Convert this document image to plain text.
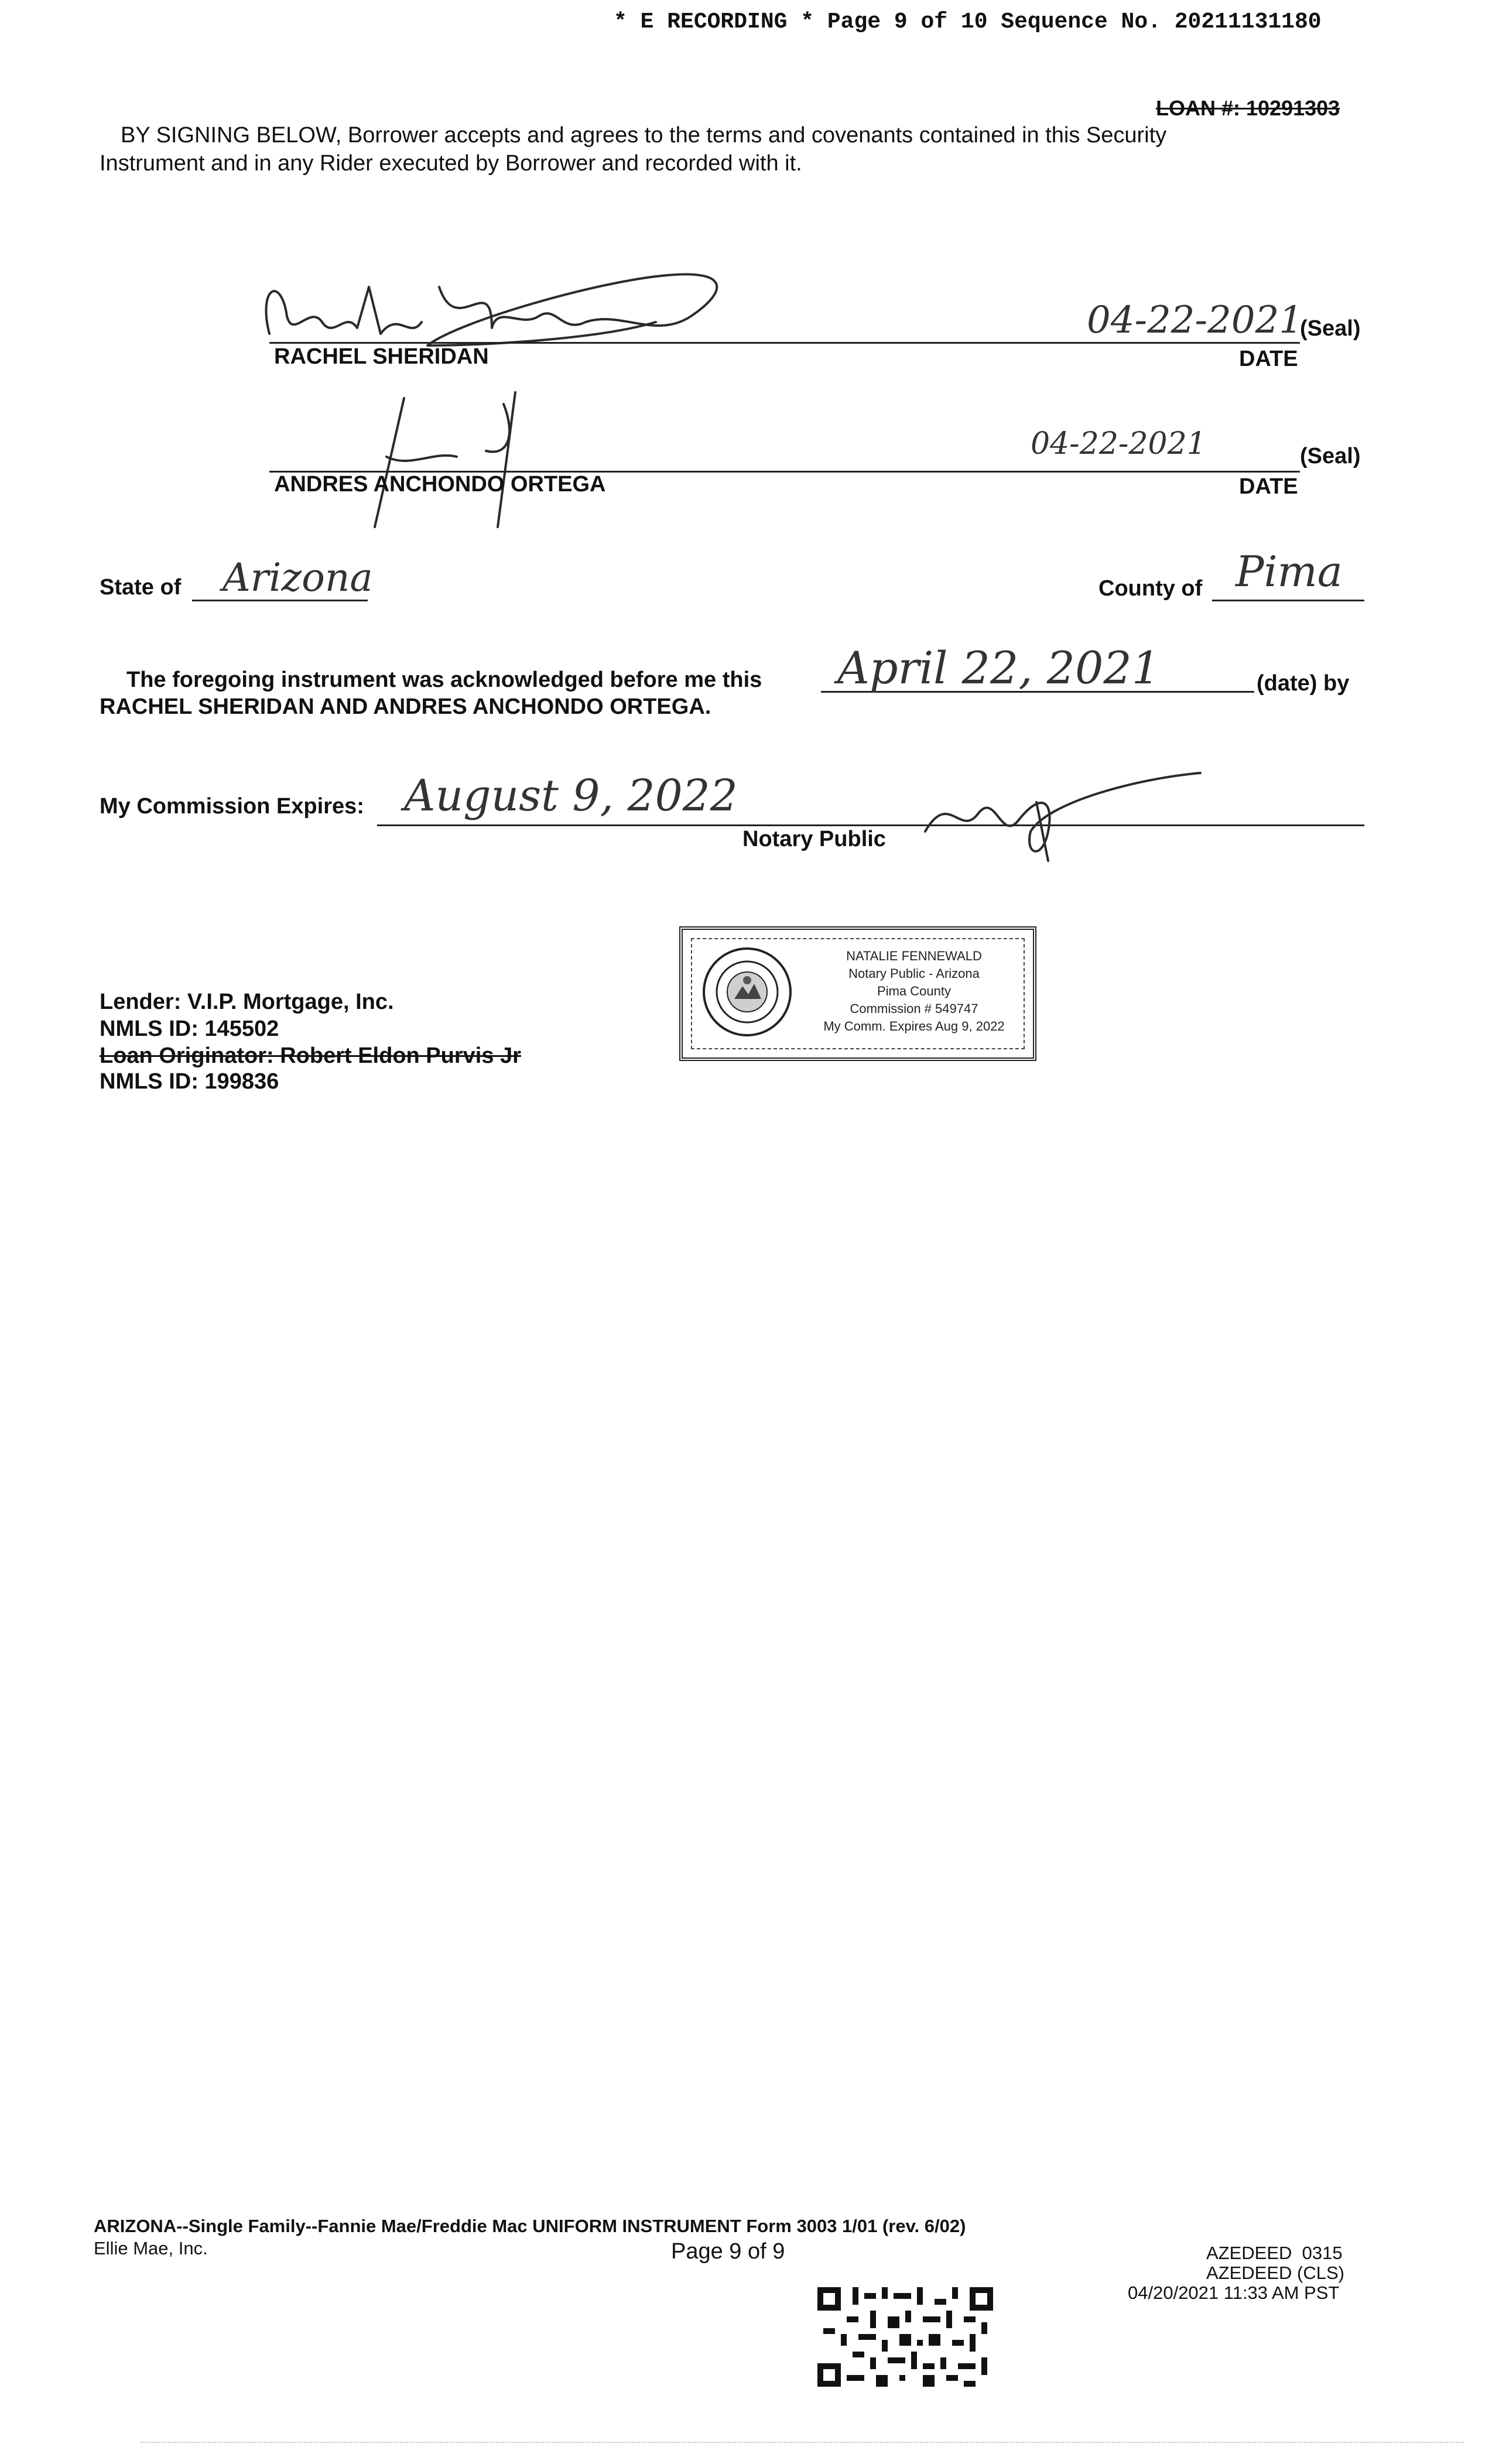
* E RECORDING * Page 9 of 10 Sequence No. 20211131180
LOAN #: 10291303
BY SIGNING BELOW, Borrower accepts and agrees to the terms and covenants contained in this Security
Instrument and in any Rider executed by Borrower and recorded with it.
04-22-2021
(Seal)
RACHEL SHERIDAN	DATE
04-22-2021	(Seal)
ANDRES ANCHONDO ORTEGA	DATE
State of Arizona	County of Pima
The foregoing instrument was acknowledged before me this April 22, 2021	(date) by
RACHEL SHERIDAN AND ANDRES ANCHONDO ORTEGA.
My Commission Expires: August 9, 2022
Notary Public
NATALIE FENNEWALD
Notary Public - Arizona
Pima County
Commission # 549747
My Comm. Expires Aug 9, 2022
Lender: V.I.P. Mortgage, Inc.
NMLS ID: 145502
Loan Originator: Robert Eldon Purvis Jr
NMLS ID: 199836
ARIZONA--Single Family--Fannie Mae/Freddie Mac UNIFORM INSTRUMENT Form 3003 1/01 (rev. 6/02)
Ellie Mae, Inc.	Page 9 of 9	AZEDEED  0315
AZEDEED (CLS)
04/20/2021 11:33 AM PST
